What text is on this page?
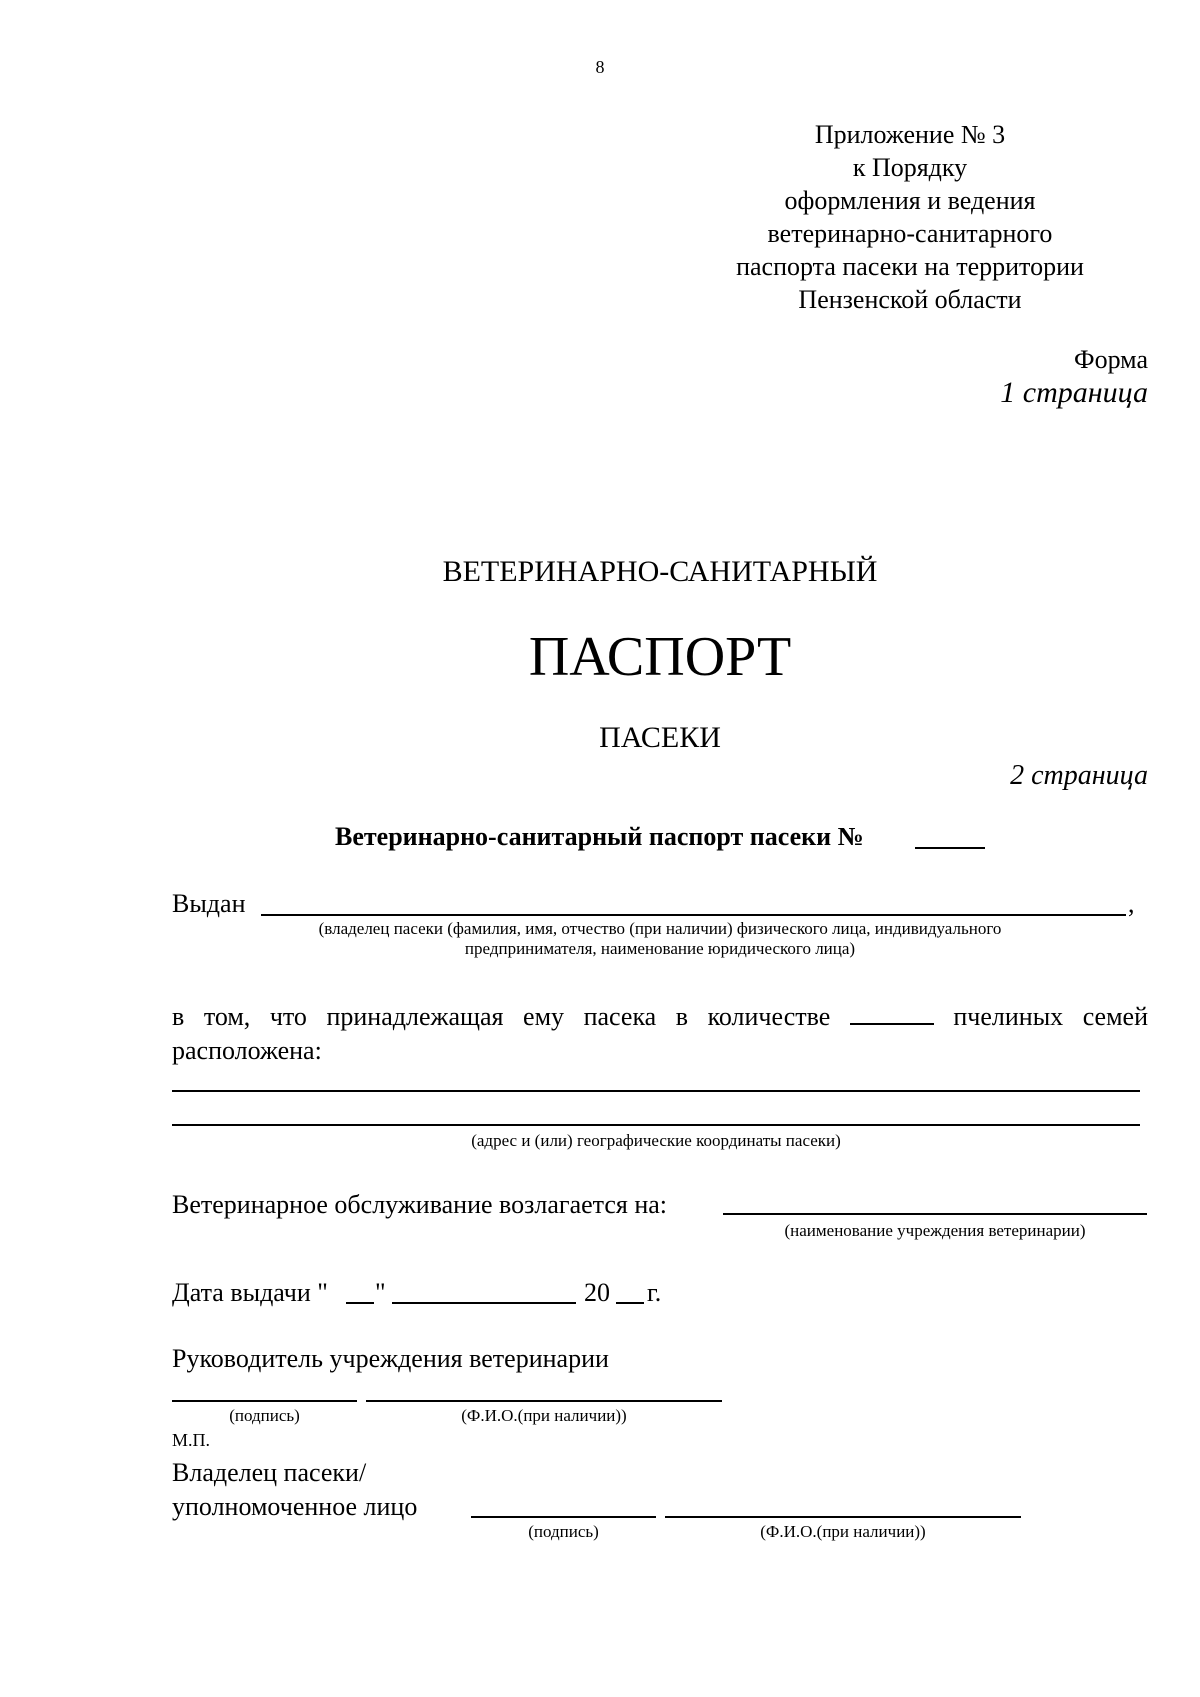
8
Приложение № 3
к Порядку
оформления и ведения
ветеринарно-санитарного
паспорта пасеки на территории
Пензенской области
Форма
1 страница
ВЕТЕРИНАРНО-САНИТАРНЫЙ
ПАСПОРТ
ПАСЕКИ
2 страница
Ветеринарно-санитарный паспорт пасеки №
Выдан	,
(владелец пасеки (фамилия, имя, отчество (при наличии) физического лица, индивидуального
предпринимателя, наименование юридического лица)
в том, что принадлежащая ему пасека в количестве	пчелиных семей
расположена:
(адрес и (или) географические координаты пасеки)
Ветеринарное обслуживание возлагается на:
(наименование учреждения ветеринарии)
Дата выдачи " "	20 г.
Руководитель учреждения ветеринарии
(подпись)	(Ф.И.О.(при наличии))
М.П.
Владелец пасеки/
уполномоченное лицо
(подпись)	(Ф.И.О.(при наличии))
